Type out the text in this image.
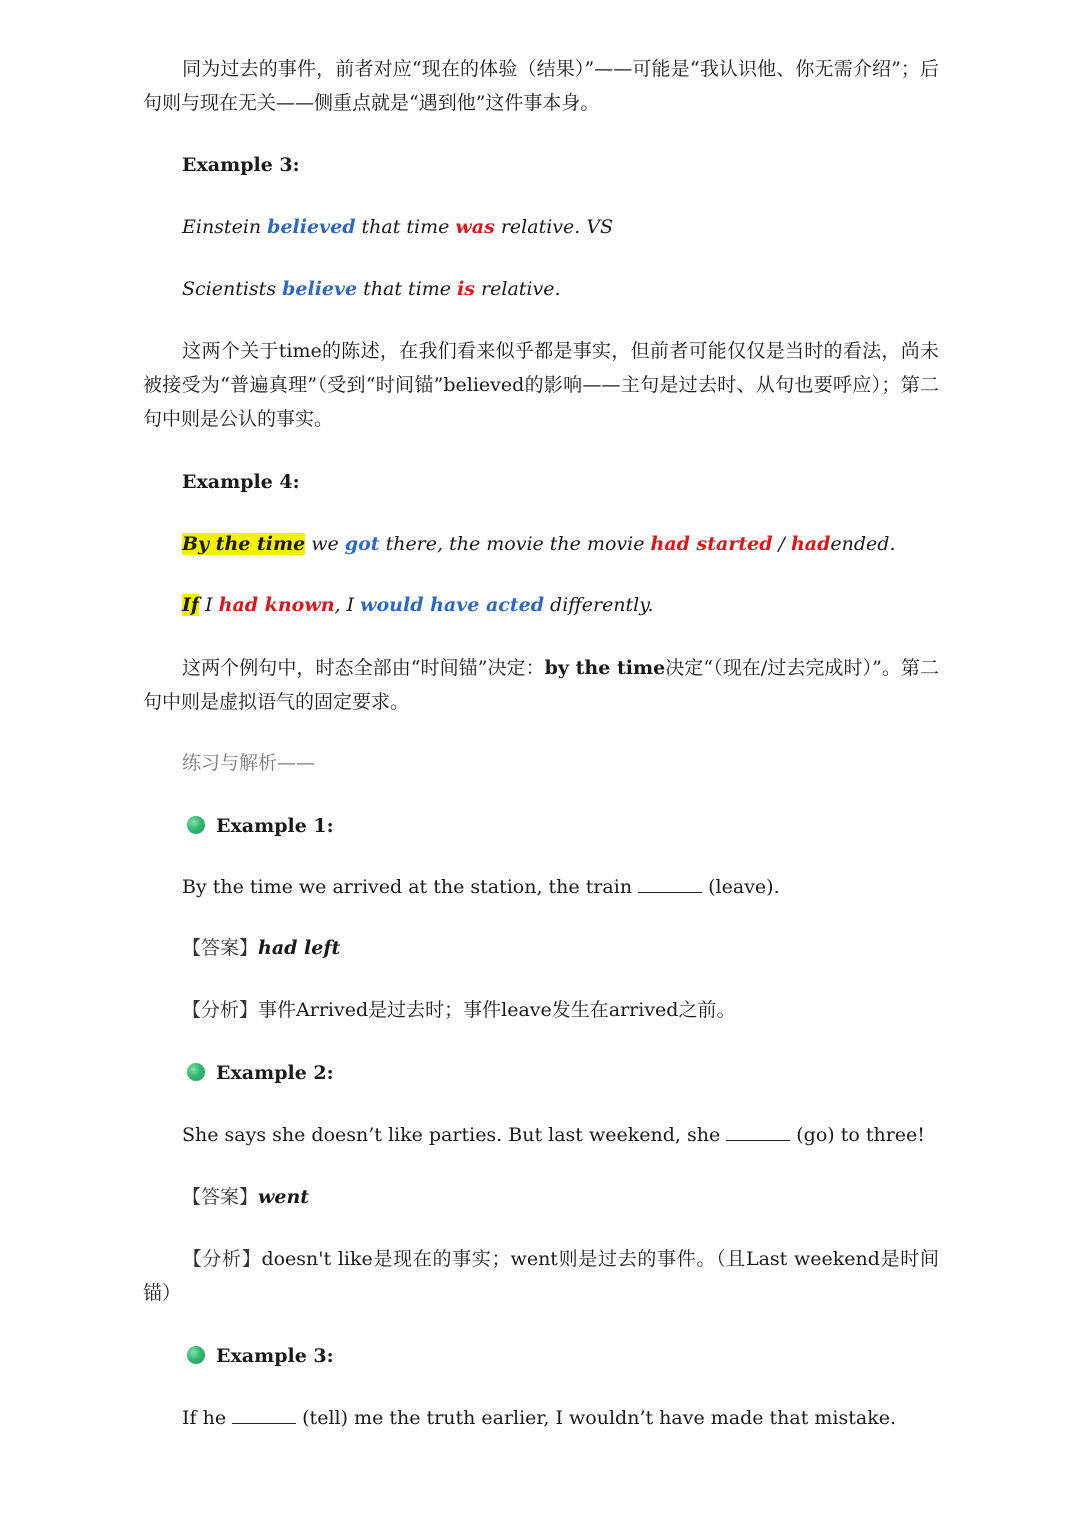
同为过去的事件，前者对应“现在的体验（结果）”——可能是“我认识他、你无需介绍”；后句则与现在无关——侧重点就是“遇到他”这件事本身。
Example 3:
Einstein believed that time was relative. VS
Scientists believe that time is relative.
这两个关于time的陈述，在我们看来似乎都是事实，但前者可能仅仅是当时的看法，尚未被接受为“普遍真理”（受到“时间锚”believed的影响——主句是过去时、从句也要呼应）；第二句中则是公认的事实。
Example 4:
By the time we got there, the movie the movie had started / hadended.
If I had known, I would have acted differently.
这两个例句中，时态全部由“时间锚”决定：by the time决定“（现在/过去完成时）”。第二句中则是虚拟语气的固定要求。
练习与解析——
Example 1:
By the time we arrived at the station, the train	(leave).
【答案】had left
【分析】事件Arrived是过去时；事件leave发生在arrived之前。
Example 2:
She says she doesn’t like parties. But last weekend, she	(go) to three!
【答案】went
【分析】doesn't like是现在的事实；went则是过去的事件。（且Last weekend是时间锚）
Example 3:
If he	(tell) me the truth earlier, I wouldn’t have made that mistake.
